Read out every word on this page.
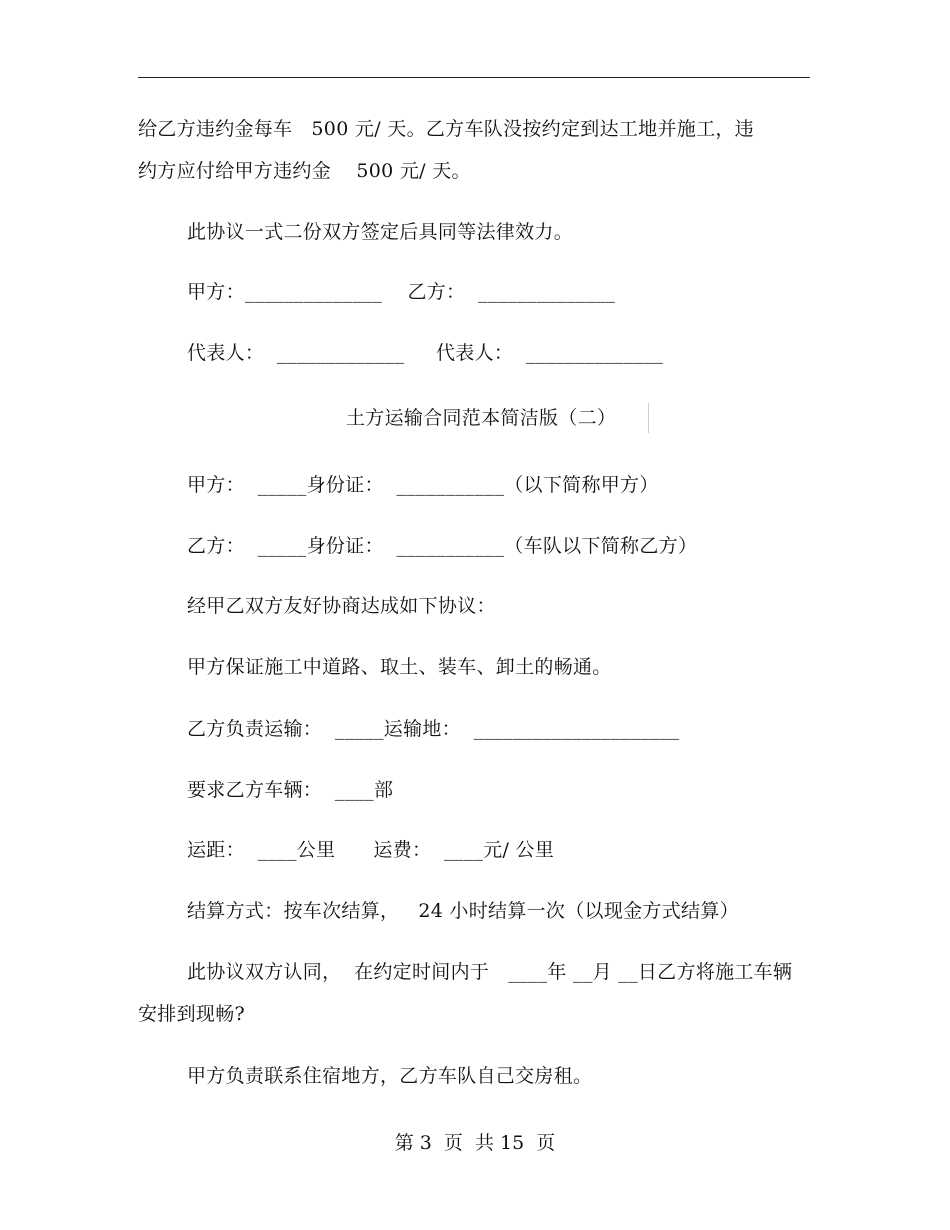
给乙方违约金每车   500 元/ 天。乙方车队没按约定到达工地并施工，违
约方应付给甲方违约金    500 元/ 天。
此协议一式二份双方签定后具同等法律效力。
甲方：______________    乙方：  ______________
代表人：  _____________     代表人：  ______________
土方运输合同范本简洁版（二）
甲方：  _____身份证：  ___________（以下简称甲方）
乙方：  _____身份证：  ___________（车队以下简称乙方）
经甲乙双方友好协商达成如下协议：
甲方保证施工中道路、取土、装车、卸土的畅通。
乙方负责运输：  _____运输地：  _____________________
要求乙方车辆：  ____部
运距：  ____公里      运费：  ____元/ 公里
结算方式：按车次结算，   24 小时结算一次（以现金方式结算）
此协议双方认同，  在约定时间内于   ____年 __月 __日乙方将施工车辆
安排到现畅?
甲方负责联系住宿地方，乙方车队自己交房租。
第 3  页  共 15  页
